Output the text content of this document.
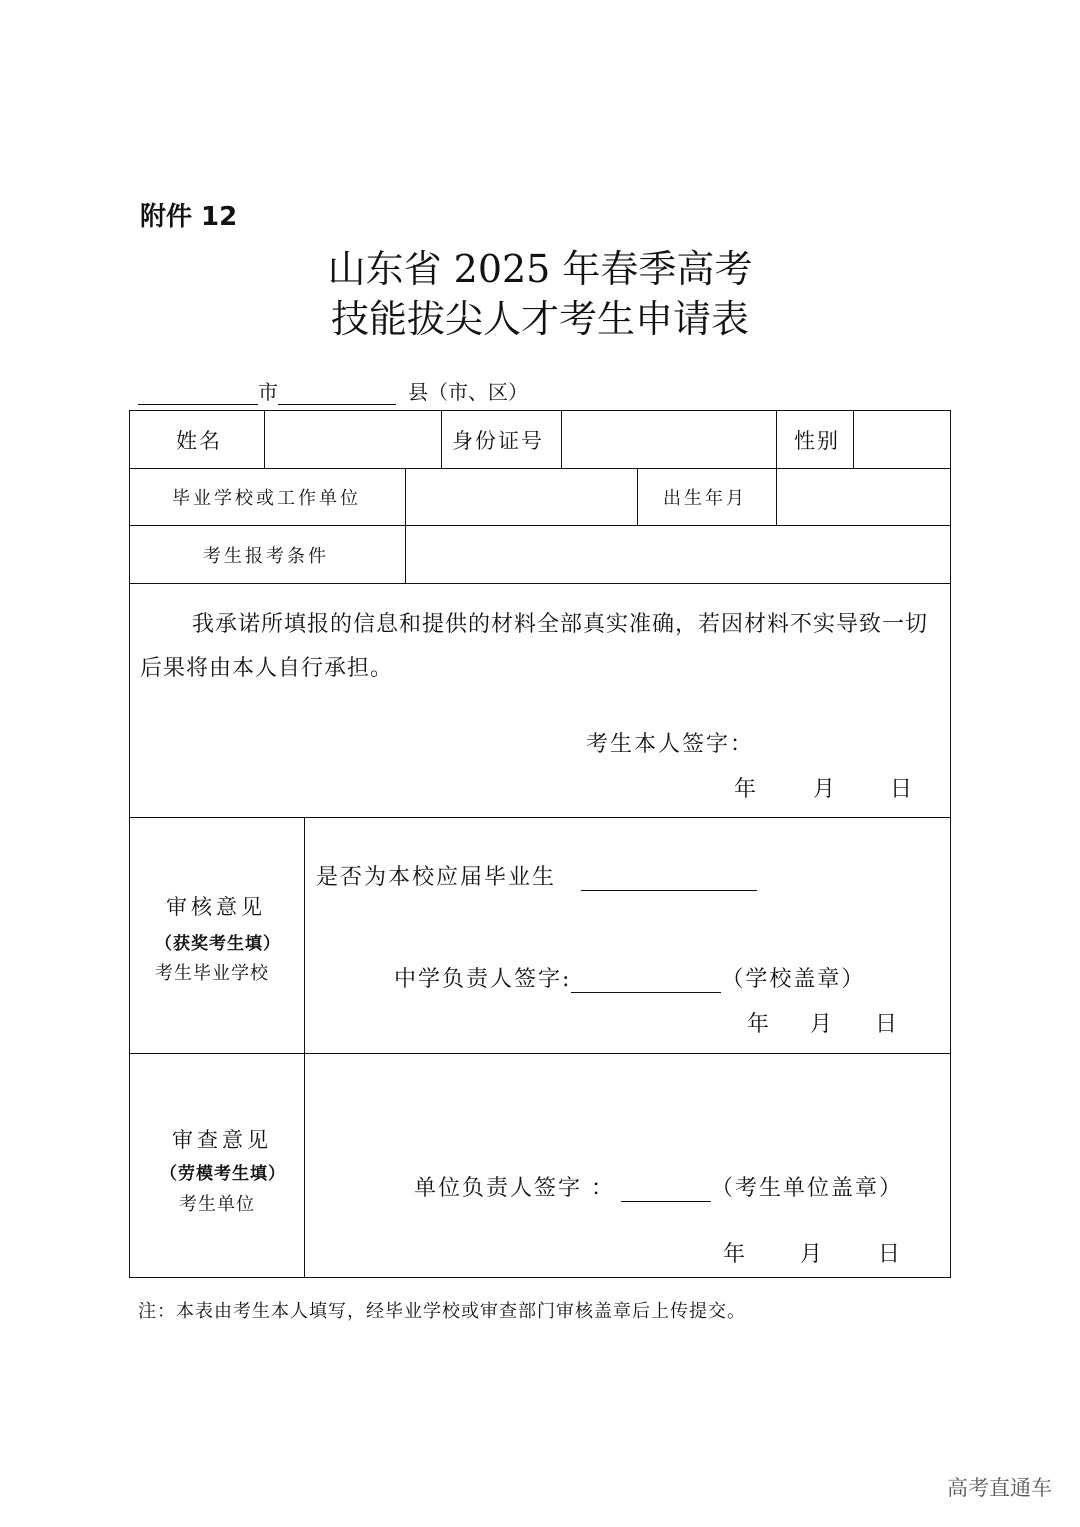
附件 12
山东省 2025 年春季高考
技能拔尖人才考生申请表
市	县（市、区）
姓名	身份证号	性别
毕业学校或工作单位	出生年月
考生报考条件

我承诺所填报的信息和提供的材料全部真实准确，若因材料不实导致一切后果将由本人自行承担。

考生本人签字：
年 月 日
审核意见
（获奖考生填）
考生毕业学校
是否为本校应届毕业生
中学负责人签字:	（学校盖章）
年 月 日
审查意见
（劳模考生填）
考生单位
单位负责人签字 ：	（考生单位盖章）
年 月 日
注：本表由考生本人填写，经毕业学校或审查部门审核盖章后上传提交。
高考直通车
